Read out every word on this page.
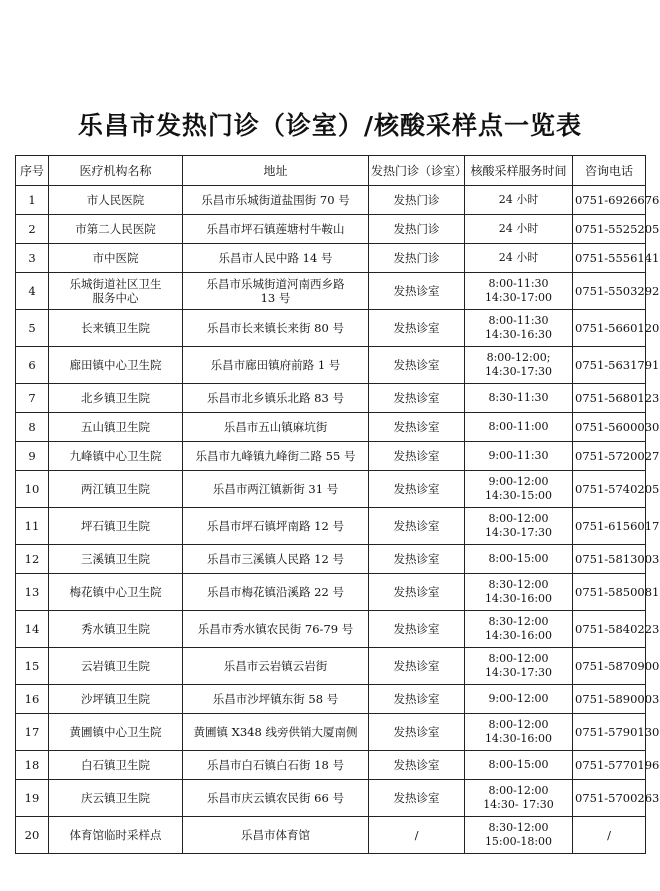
乐昌市发热门诊（诊室）/核酸采样点一览表
序号	医疗机构名称	地址	发热门诊（诊室）	核酸采样服务时间	咨询电话
1	市人民医院	乐昌市乐城街道盐围街 70 号	发热门诊	24 小时	0751-6926676
2	市第二人民医院	乐昌市坪石镇莲塘村牛鞍山	发热门诊	24 小时	0751-5525205
3	市中医院	乐昌市人民中路 14 号	发热门诊	24 小时	0751-5556141
4	乐城街道社区卫生
服务中心	乐昌市乐城街道河南西乡路
13 号	发热诊室	8:00-11:30
14:30-17:00	0751-5503292
5	长来镇卫生院	乐昌市长来镇长来街 80 号	发热诊室	8:00-11:30
14:30-16:30	0751-5660120
6	廊田镇中心卫生院	乐昌市廊田镇府前路 1 号	发热诊室	8:00-12:00;
14:30-17:30	0751-5631791
7	北乡镇卫生院	乐昌市北乡镇乐北路 83 号	发热诊室	8:30-11:30	0751-5680123
8	五山镇卫生院	乐昌市五山镇麻坑街	发热诊室	8:00-11:00	0751-5600030
9	九峰镇中心卫生院	乐昌市九峰镇九峰街二路 55 号	发热诊室	9:00-11:30	0751-5720027
10	两江镇卫生院	乐昌市两江镇新街 31 号	发热诊室	9:00-12:00
14:30-15:00	0751-5740205
11	坪石镇卫生院	乐昌市坪石镇坪南路 12 号	发热诊室	8:00-12:00
14:30-17:30	0751-6156017
12	三溪镇卫生院	乐昌市三溪镇人民路 12 号	发热诊室	8:00-15:00	0751-5813003
13	梅花镇中心卫生院	乐昌市梅花镇沿溪路 22 号	发热诊室	8:30-12:00
14:30-16:00	0751-5850081
14	秀水镇卫生院	乐昌市秀水镇农民街 76-79 号	发热诊室	8:30-12:00
14:30-16:00	0751-5840223
15	云岩镇卫生院	乐昌市云岩镇云岩街	发热诊室	8:00-12:00
14:30-17:30	0751-5870900
16	沙坪镇卫生院	乐昌市沙坪镇东街 58 号	发热诊室	9:00-12:00	0751-5890003
17	黄圃镇中心卫生院	黄圃镇 X348 线旁供销大厦南侧	发热诊室	8:00-12:00
14:30-16:00	0751-5790130
18	白石镇卫生院	乐昌市白石镇白石街 18 号	发热诊室	8:00-15:00	0751-5770196
19	庆云镇卫生院	乐昌市庆云镇农民街 66 号	发热诊室	8:00-12:00
14:30- 17:30	0751-5700263
20	体育馆临时采样点	乐昌市体育馆	/	8:30-12:00
15:00-18:00	/
